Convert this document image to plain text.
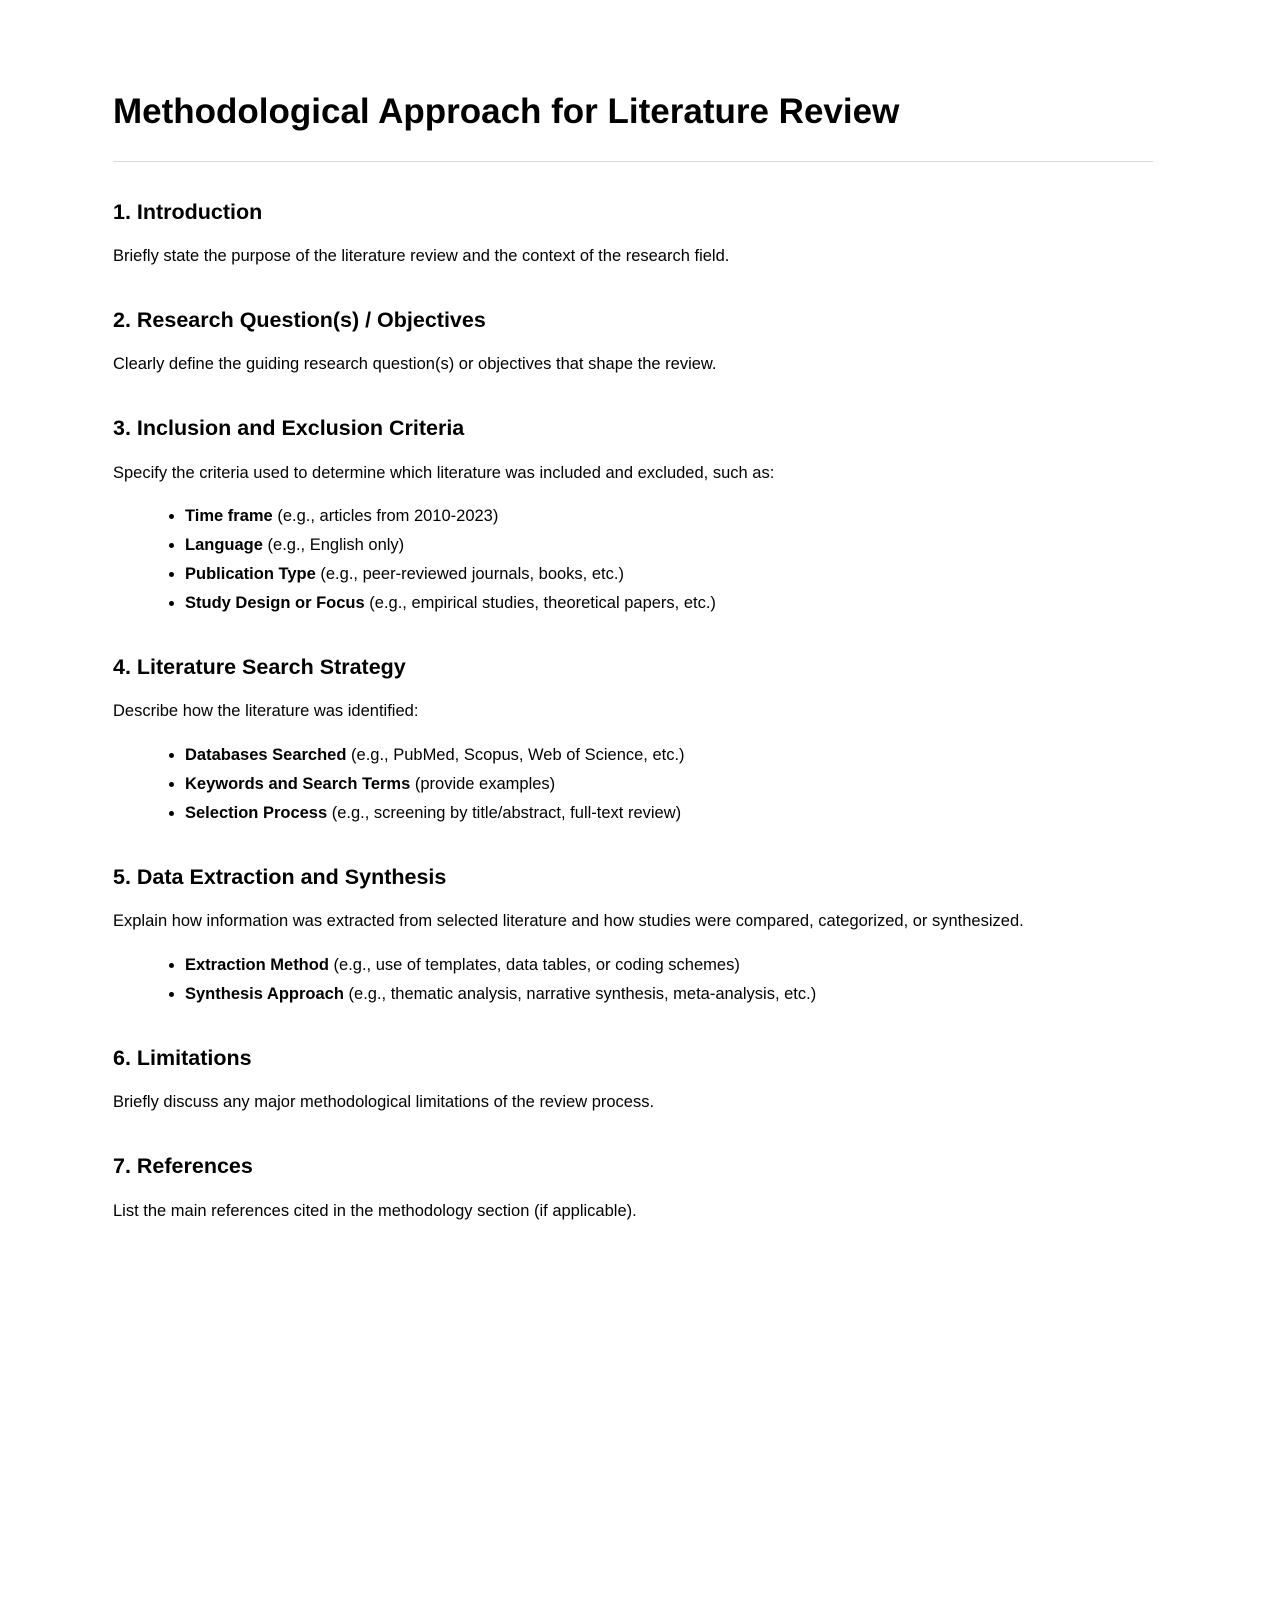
Methodological Approach for Literature Review
1. Introduction

Briefly state the purpose of the literature review and the context of the research field.

2. Research Question(s) / Objectives

Clearly define the guiding research question(s) or objectives that shape the review.

3. Inclusion and Exclusion Criteria

Specify the criteria used to determine which literature was included and excluded, such as:

• Time frame (e.g., articles from 2010-2023)
• Language (e.g., English only)
• Publication Type (e.g., peer-reviewed journals, books, etc.)
• Study Design or Focus (e.g., empirical studies, theoretical papers, etc.)
4. Literature Search Strategy

Describe how the literature was identified:

• Databases Searched (e.g., PubMed, Scopus, Web of Science, etc.)
• Keywords and Search Terms (provide examples)
• Selection Process (e.g., screening by title/abstract, full-text review)
5. Data Extraction and Synthesis

Explain how information was extracted from selected literature and how studies were compared, categorized, or synthesized.

• Extraction Method (e.g., use of templates, data tables, or coding schemes)
• Synthesis Approach (e.g., thematic analysis, narrative synthesis, meta-analysis, etc.)
6. Limitations

Briefly discuss any major methodological limitations of the review process.

7. References

List the main references cited in the methodology section (if applicable).
